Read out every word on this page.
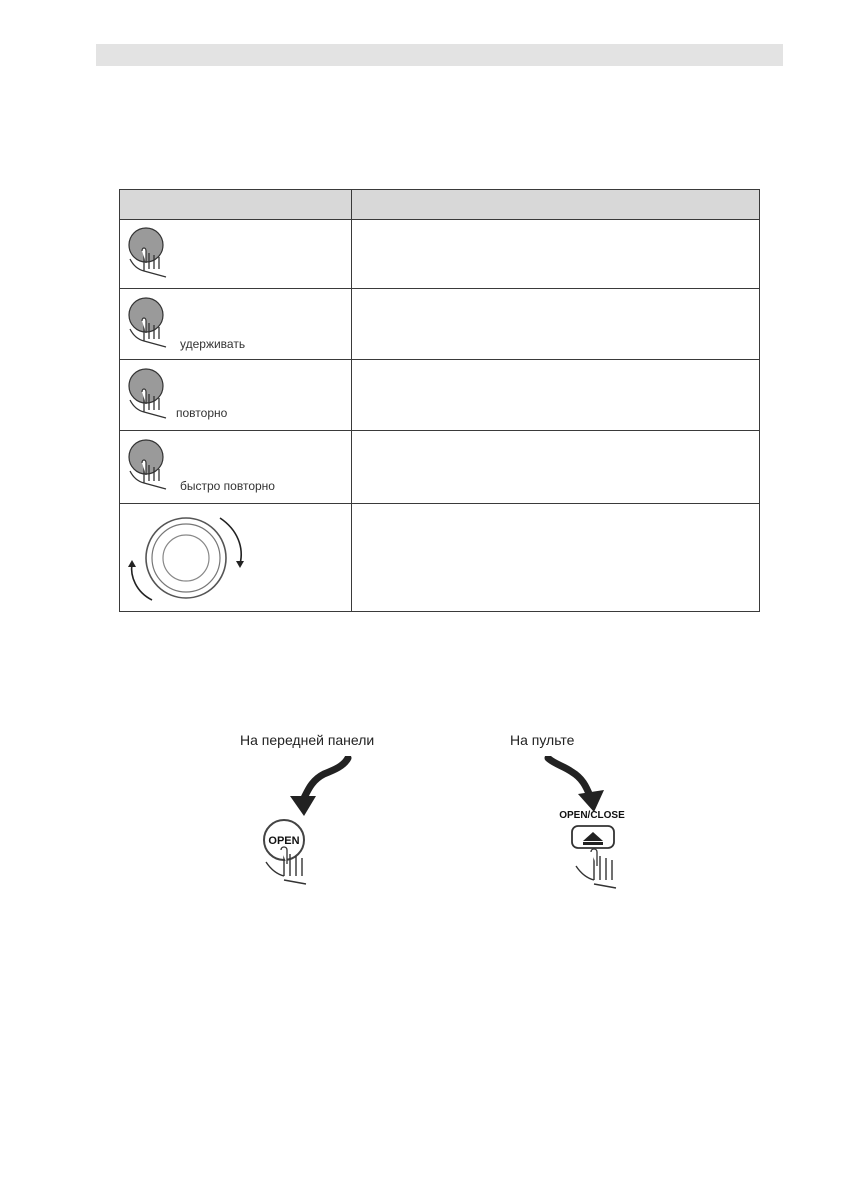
удерживать	

повторно	

быстро повторно	

На передней панели	На пульте
OPEN
OPEN/CLOSE
